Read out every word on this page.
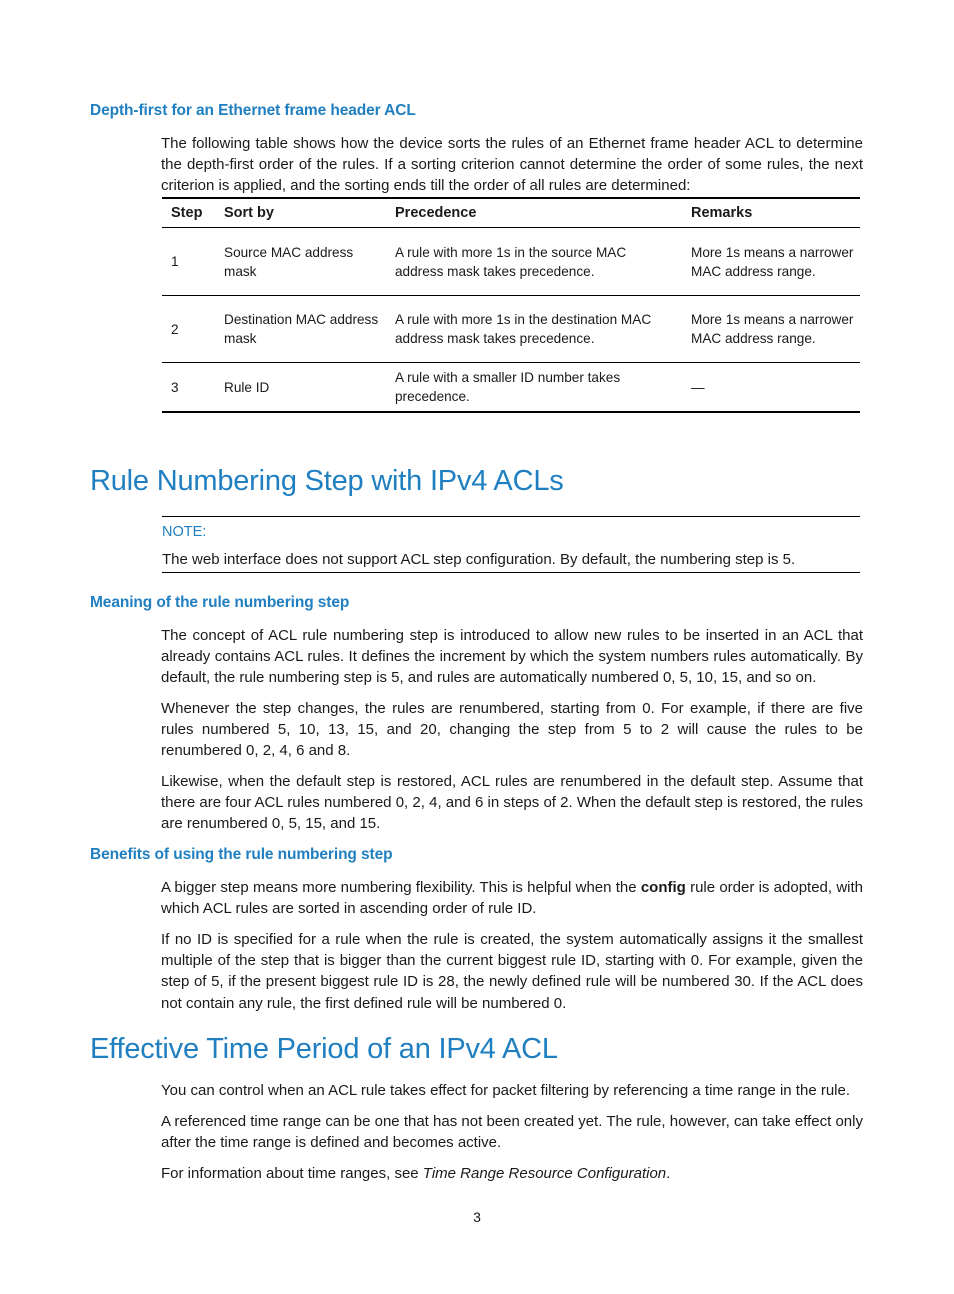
Depth-first for an Ethernet frame header ACL

The following table shows how the device sorts the rules of an Ethernet frame header ACL to determine the depth-first order of the rules. If a sorting criterion cannot determine the order of some rules, the next criterion is applied, and the sorting ends till the order of all rules are determined:

Step	Sort by	Precedence	Remarks
1	Source MAC address mask	A rule with more 1s in the source MAC address mask takes precedence.	More 1s means a narrower MAC address range.
2	Destination MAC address mask	A rule with more 1s in the destination MAC address mask takes precedence.	More 1s means a narrower MAC address range.
3	Rule ID	A rule with a smaller ID number takes precedence.	—
Rule Numbering Step with IPv4 ACLs

NOTE:

The web interface does not support ACL step configuration. By default, the numbering step is 5.

Meaning of the rule numbering step

The concept of ACL rule numbering step is introduced to allow new rules to be inserted in an ACL that already contains ACL rules. It defines the increment by which the system numbers rules automatically. By default, the rule numbering step is 5, and rules are automatically numbered 0, 5, 10, 15, and so on.

Whenever the step changes, the rules are renumbered, starting from 0. For example, if there are five rules numbered 5, 10, 13, 15, and 20, changing the step from 5 to 2 will cause the rules to be renumbered 0, 2, 4, 6 and 8.

Likewise, when the default step is restored, ACL rules are renumbered in the default step. Assume that there are four ACL rules numbered 0, 2, 4, and 6 in steps of 2. When the default step is restored, the rules are renumbered 0, 5, 15, and 15.

Benefits of using the rule numbering step

A bigger step means more numbering flexibility. This is helpful when the config rule order is adopted, with which ACL rules are sorted in ascending order of rule ID.

If no ID is specified for a rule when the rule is created, the system automatically assigns it the smallest multiple of the step that is bigger than the current biggest rule ID, starting with 0. For example, given the step of 5, if the present biggest rule ID is 28, the newly defined rule will be numbered 30. If the ACL does not contain any rule, the first defined rule will be numbered 0.

Effective Time Period of an IPv4 ACL

You can control when an ACL rule takes effect for packet filtering by referencing a time range in the rule.

A referenced time range can be one that has not been created yet. The rule, however, can take effect only after the time range is defined and becomes active.

For information about time ranges, see Time Range Resource Configuration.

3
